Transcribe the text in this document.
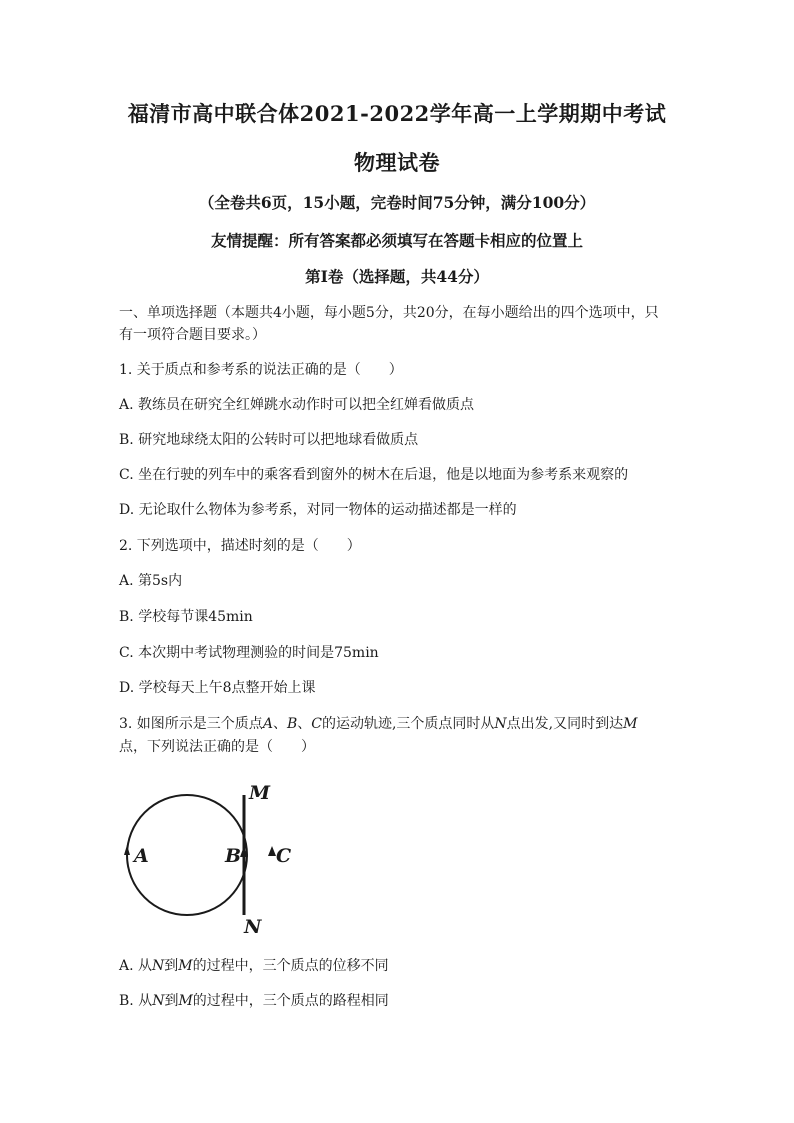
福清市高中联合体2021-2022学年高一上学期期中考试
物理试卷
（全卷共6页，15小题，完卷时间75分钟，满分100分）
友情提醒：所有答案都必须填写在答题卡相应的位置上
第Ⅰ卷（选择题，共44分）
一、单项选择题（本题共4小题，每小题5分，共20分，在每小题给出的四个选项中，只
有一项符合题目要求。）
1. 关于质点和参考系的说法正确的是（　　）
A. 教练员在研究全红婵跳水动作时可以把全红婵看做质点
B. 研究地球绕太阳的公转时可以把地球看做质点
C. 坐在行驶的列车中的乘客看到窗外的树木在后退，他是以地面为参考系来观察的
D. 无论取什么物体为参考系，对同一物体的运动描述都是一样的
2. 下列选项中，描述时刻的是（　　）
A. 第5s内
B. 学校每节课45min
C. 本次期中考试物理测验的时间是75min
D. 学校每天上午8点整开始上课
3. 如图所示是三个质点A、B、C的运动轨迹,三个质点同时从N点出发,又同时到达M
点，下列说法正确的是（　　）
M
N
A	B C
A. 从N到M的过程中，三个质点的位移不同
B. 从N到M的过程中，三个质点的路程相同
